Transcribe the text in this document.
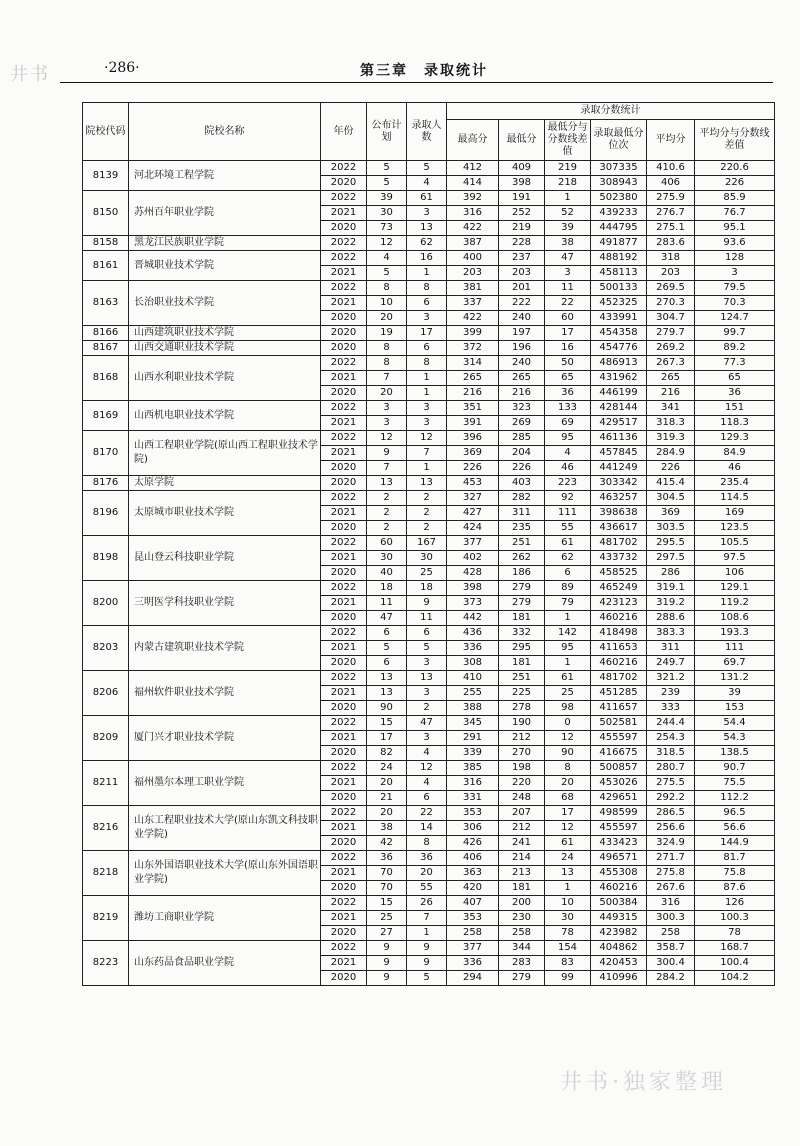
井书	·286·	第三章　录取统计
院校代码	院校名称	年份	公布计划	录取人数	录取分数统计					
					最高分	最低分	最低分与分数线差值	录取最低分位次	平均分	平均分与分数线差值
8139	河北环境工程学院	2022	5	5	412	409	219	307335	410.6	220.6
		2020	5	4	414	398	218	308943	406	226
8150	苏州百年职业学院	2022	39	61	392	191	1	502380	275.9	85.9
		2021	30	3	316	252	52	439233	276.7	76.7
		2020	73	13	422	219	39	444795	275.1	95.1
8158	黑龙江民族职业学院	2022	12	62	387	228	38	491877	283.6	93.6
8161	晋城职业技术学院	2022	4	16	400	237	47	488192	318	128
		2021	5	1	203	203	3	458113	203	3
8163	长治职业技术学院	2022	8	8	381	201	11	500133	269.5	79.5
		2021	10	6	337	222	22	452325	270.3	70.3
		2020	20	3	422	240	60	433991	304.7	124.7
8166	山西建筑职业技术学院	2020	19	17	399	197	17	454358	279.7	99.7
8167	山西交通职业技术学院	2020	8	6	372	196	16	454776	269.2	89.2
8168	山西水利职业技术学院	2022	8	8	314	240	50	486913	267.3	77.3
		2021	7	1	265	265	65	431962	265	65
		2020	20	1	216	216	36	446199	216	36
8169	山西机电职业技术学院	2022	3	3	351	323	133	428144	341	151
		2021	3	3	391	269	69	429517	318.3	118.3
8170	山西工程职业学院(原山西工程职业技术学院)	2022	12	12	396	285	95	461136	319.3	129.3
		2021	9	7	369	204	4	457845	284.9	84.9
		2020	7	1	226	226	46	441249	226	46
8176	太原学院	2020	13	13	453	403	223	303342	415.4	235.4
8196	太原城市职业技术学院	2022	2	2	327	282	92	463257	304.5	114.5
		2021	2	2	427	311	111	398638	369	169
		2020	2	2	424	235	55	436617	303.5	123.5
8198	昆山登云科技职业学院	2022	60	167	377	251	61	481702	295.5	105.5
		2021	30	30	402	262	62	433732	297.5	97.5
		2020	40	25	428	186	6	458525	286	106
8200	三明医学科技职业学院	2022	18	18	398	279	89	465249	319.1	129.1
		2021	11	9	373	279	79	423123	319.2	119.2
		2020	47	11	442	181	1	460216	288.6	108.6
8203	内蒙古建筑职业技术学院	2022	6	6	436	332	142	418498	383.3	193.3
		2021	5	5	336	295	95	411653	311	111
		2020	6	3	308	181	1	460216	249.7	69.7
8206	福州软件职业技术学院	2022	13	13	410	251	61	481702	321.2	131.2
		2021	13	3	255	225	25	451285	239	39
		2020	90	2	388	278	98	411657	333	153
8209	厦门兴才职业技术学院	2022	15	47	345	190	0	502581	244.4	54.4
		2021	17	3	291	212	12	455597	254.3	54.3
		2020	82	4	339	270	90	416675	318.5	138.5
8211	福州墨尔本理工职业学院	2022	24	12	385	198	8	500857	280.7	90.7
		2021	20	4	316	220	20	453026	275.5	75.5
		2020	21	6	331	248	68	429651	292.2	112.2
8216	山东工程职业技术大学(原山东凯文科技职业学院)	2022	20	22	353	207	17	498599	286.5	96.5
		2021	38	14	306	212	12	455597	256.6	56.6
		2020	42	8	426	241	61	433423	324.9	144.9
8218	山东外国语职业技术大学(原山东外国语职业学院)	2022	36	36	406	214	24	496571	271.7	81.7
		2021	70	20	363	213	13	455308	275.8	75.8
		2020	70	55	420	181	1	460216	267.6	87.6
8219	潍坊工商职业学院	2022	15	26	407	200	10	500384	316	126
		2021	25	7	353	230	30	449315	300.3	100.3
		2020	27	1	258	258	78	423982	258	78
8223	山东药品食品职业学院	2022	9	9	377	344	154	404862	358.7	168.7
		2021	9	9	336	283	83	420453	300.4	100.4
		2020	9	5	294	279	99	410996	284.2	104.2
井书·独家整理
